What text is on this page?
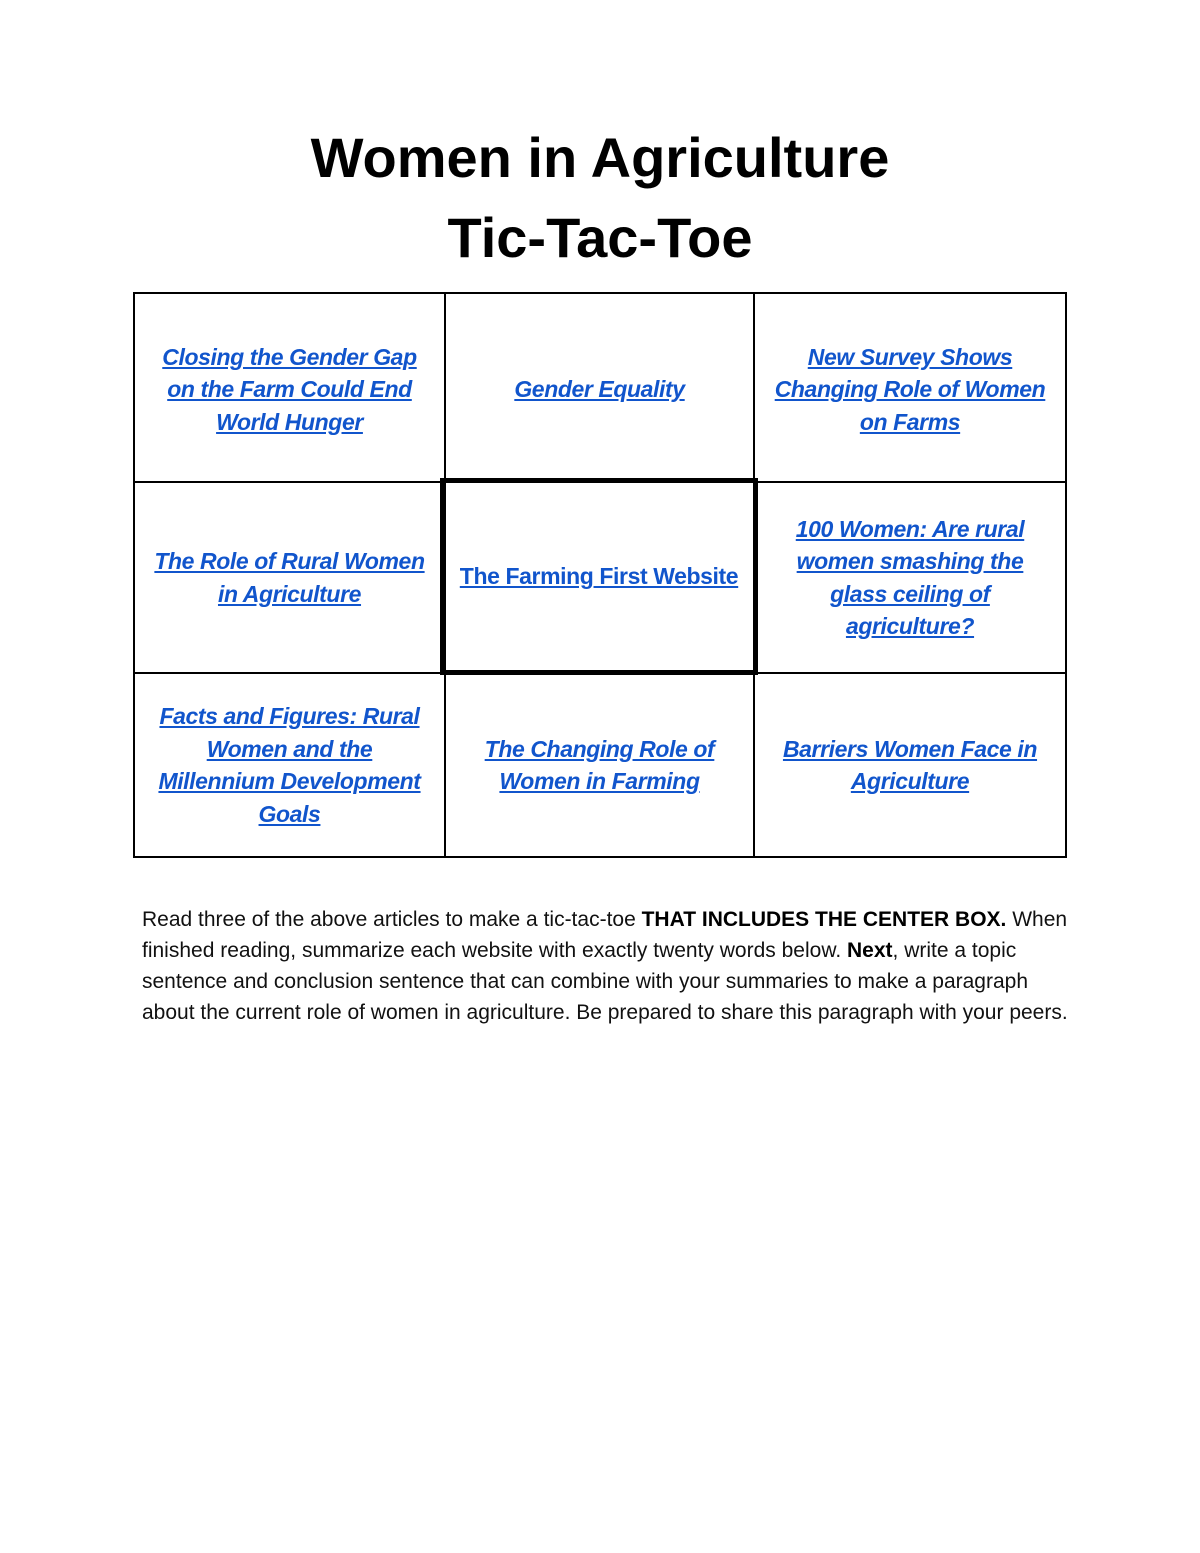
Women in Agriculture
Tic-Tac-Toe
Closing the Gender Gap on the Farm Could End World Hunger
Gender Equality
New Survey Shows Changing Role of Women on Farms
The Role of Rural Women in Agriculture
The Farming First Website
100 Women: Are rural women smashing the glass ceiling of agriculture?
Facts and Figures: Rural Women and the Millennium Development Goals
The Changing Role of Women in Farming
Barriers Women Face in Agriculture

Read three of the above articles to make a tic-tac-toe THAT INCLUDES THE CENTER BOX. When finished reading, summarize each website with exactly twenty words below. Next, write a topic sentence and conclusion sentence that can combine with your summaries to make a paragraph about the current role of women in agriculture. Be prepared to share this paragraph with your peers.
